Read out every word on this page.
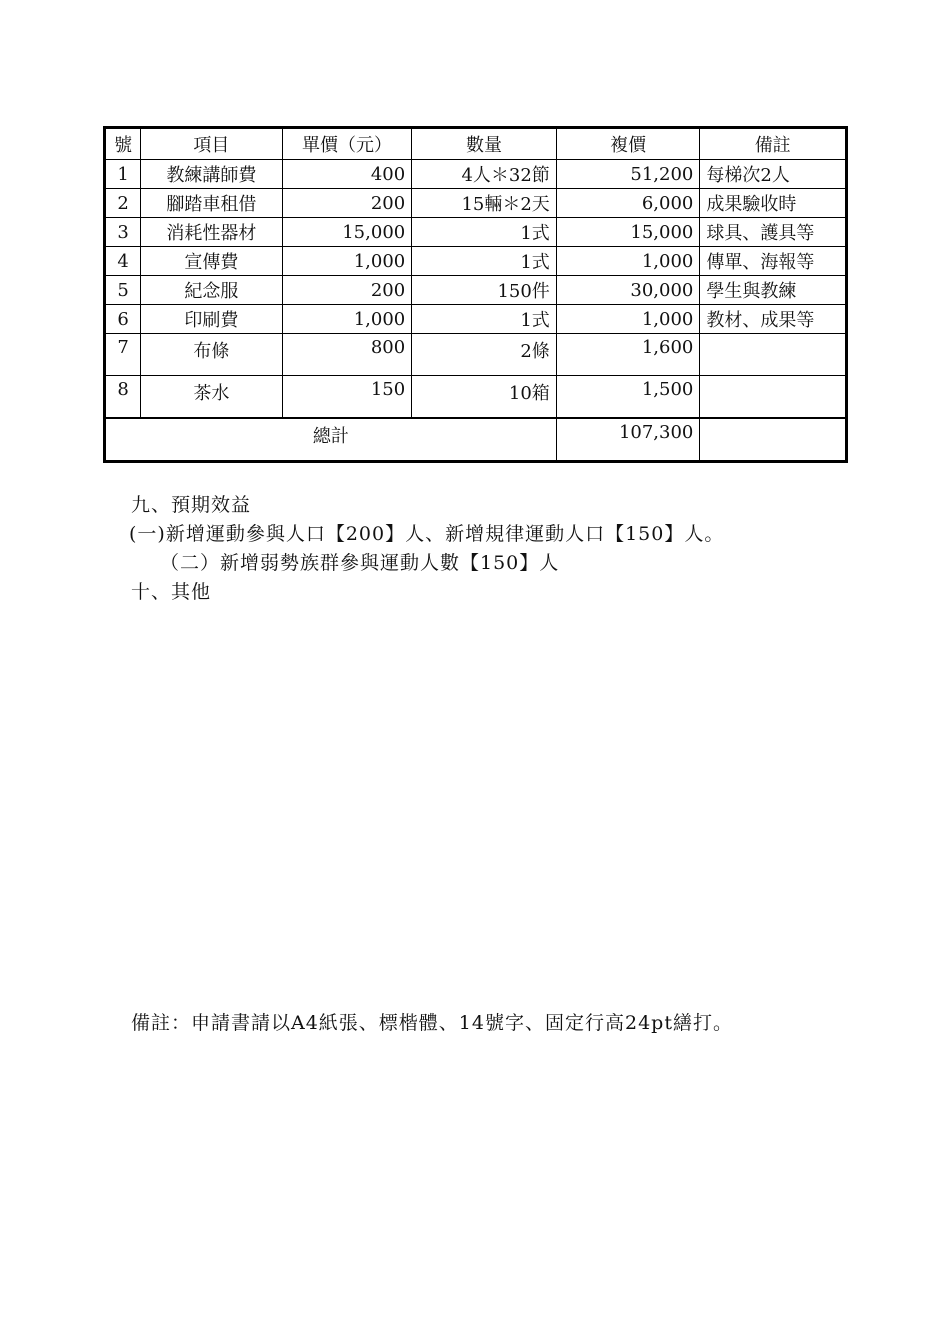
號	項目	單價（元）	數量	複價	備註
1	教練講師費	400	4人＊32節	51,200	每梯次2人
2	腳踏車租借	200	15輛＊2天	6,000	成果驗收時
3	消耗性器材	15,000	1式	15,000	球具、護具等
4	宣傳費	1,000	1式	1,000	傳單、海報等
5	紀念服	200	150件	30,000	學生與教練
6	印刷費	1,000	1式	1,000	教材、成果等
7	布條	800	2條	1,600	
8	茶水	150	10箱	1,500	
總計				107,300	
九、預期效益
(一)新增運動參與人口【200】人、新增規律運動人口【150】人。
（二）新增弱勢族群參與運動人數【150】人
十、其他
備註：申請書請以A4紙張、標楷體、14號字、固定行高24pt繕打。
